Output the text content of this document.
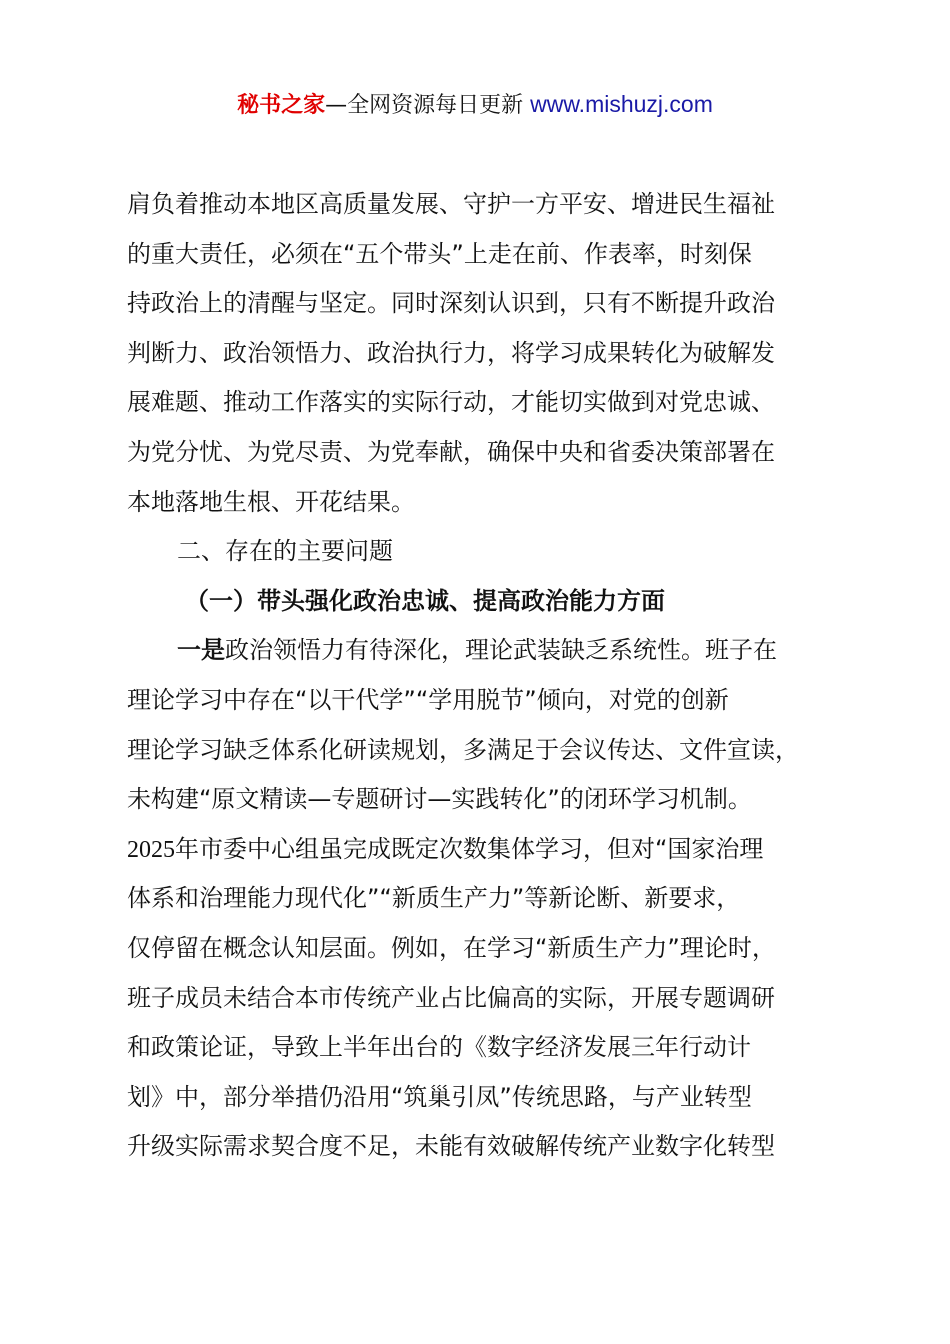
秘书之家—全网资源每日更新 www.mishuzj.com
肩负着推动本地区高质量发展、守护一方平安、增进民生福祉
的重大责任，必须在“五个带头”上走在前、作表率，时刻保
持政治上的清醒与坚定。同时深刻认识到，只有不断提升政治
判断力、政治领悟力、政治执行力，将学习成果转化为破解发
展难题、推动工作落实的实际行动，才能切实做到对党忠诚、
为党分忧、为党尽责、为党奉献，确保中央和省委决策部署在
本地落地生根、开花结果。
二、存在的主要问题
（一）带头强化政治忠诚、提高政治能力方面
一是政治领悟力有待深化，理论武装缺乏系统性。班子在
理论学习中存在“以干代学”“学用脱节”倾向，对党的创新
理论学习缺乏体系化研读规划，多满足于会议传达、文件宣读，
未构建“原文精读—专题研讨—实践转化”的闭环学习机制。
2025年市委中心组虽完成既定次数集体学习，但对“国家治理
体系和治理能力现代化”“新质生产力”等新论断、新要求，
仅停留在概念认知层面。例如，在学习“新质生产力”理论时，
班子成员未结合本市传统产业占比偏高的实际，开展专题调研
和政策论证，导致上半年出台的《数字经济发展三年行动计
划》中，部分举措仍沿用“筑巢引凤”传统思路，与产业转型
升级实际需求契合度不足，未能有效破解传统产业数字化转型
